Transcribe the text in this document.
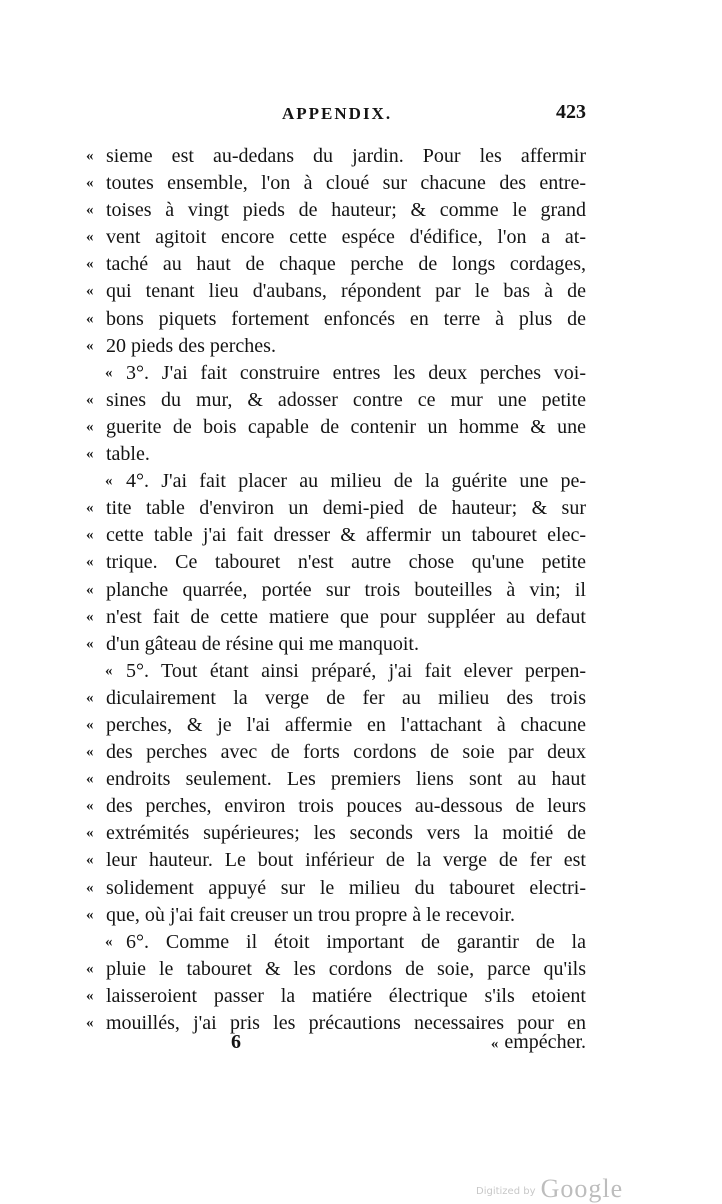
APPENDIX.	423
« sieme est au-dedans du jardin. Pour les affermir
« toutes ensemble, l'on à cloué sur chacune des entre-
« toises à vingt pieds de hauteur; & comme le grand
« vent agitoit encore cette espéce d'édifice, l'on a at-
« taché au haut de chaque perche de longs cordages,
« qui tenant lieu d'aubans, répondent par le bas à de
« bons piquets fortement enfoncés en terre à plus de
« 20 pieds des perches.
« 3°. J'ai fait construire entres les deux perches voi-
« sines du mur, & adosser contre ce mur une petite
« guerite de bois capable de contenir un homme & une
« table.
« 4°. J'ai fait placer au milieu de la guérite une pe-
« tite table d'environ un demi-pied de hauteur; & sur
« cette table j'ai fait dresser & affermir un tabouret elec-
« trique. Ce tabouret n'est autre chose qu'une petite
« planche quarrée, portée sur trois bouteilles à vin; il
« n'est fait de cette matiere que pour suppléer au defaut
« d'un gâteau de résine qui me manquoit.
« 5°. Tout étant ainsi préparé, j'ai fait elever perpen-
« diculairement la verge de fer au milieu des trois
« perches, & je l'ai affermie en l'attachant à chacune
« des perches avec de forts cordons de soie par deux
« endroits seulement. Les premiers liens sont au haut
« des perches, environ trois pouces au-dessous de leurs
« extrémités supérieures; les seconds vers la moitié de
« leur hauteur. Le bout inférieur de la verge de fer est
« solidement appuyé sur le milieu du tabouret electri-
« que, où j'ai fait creuser un trou propre à le recevoir.
« 6°. Comme il étoit important de garantir de la
« pluie le tabouret & les cordons de soie, parce qu'ils
« laisseroient passer la matiére électrique s'ils etoient
« mouillés, j'ai pris les précautions necessaires pour en
6	« empécher.
Digitized by Google
